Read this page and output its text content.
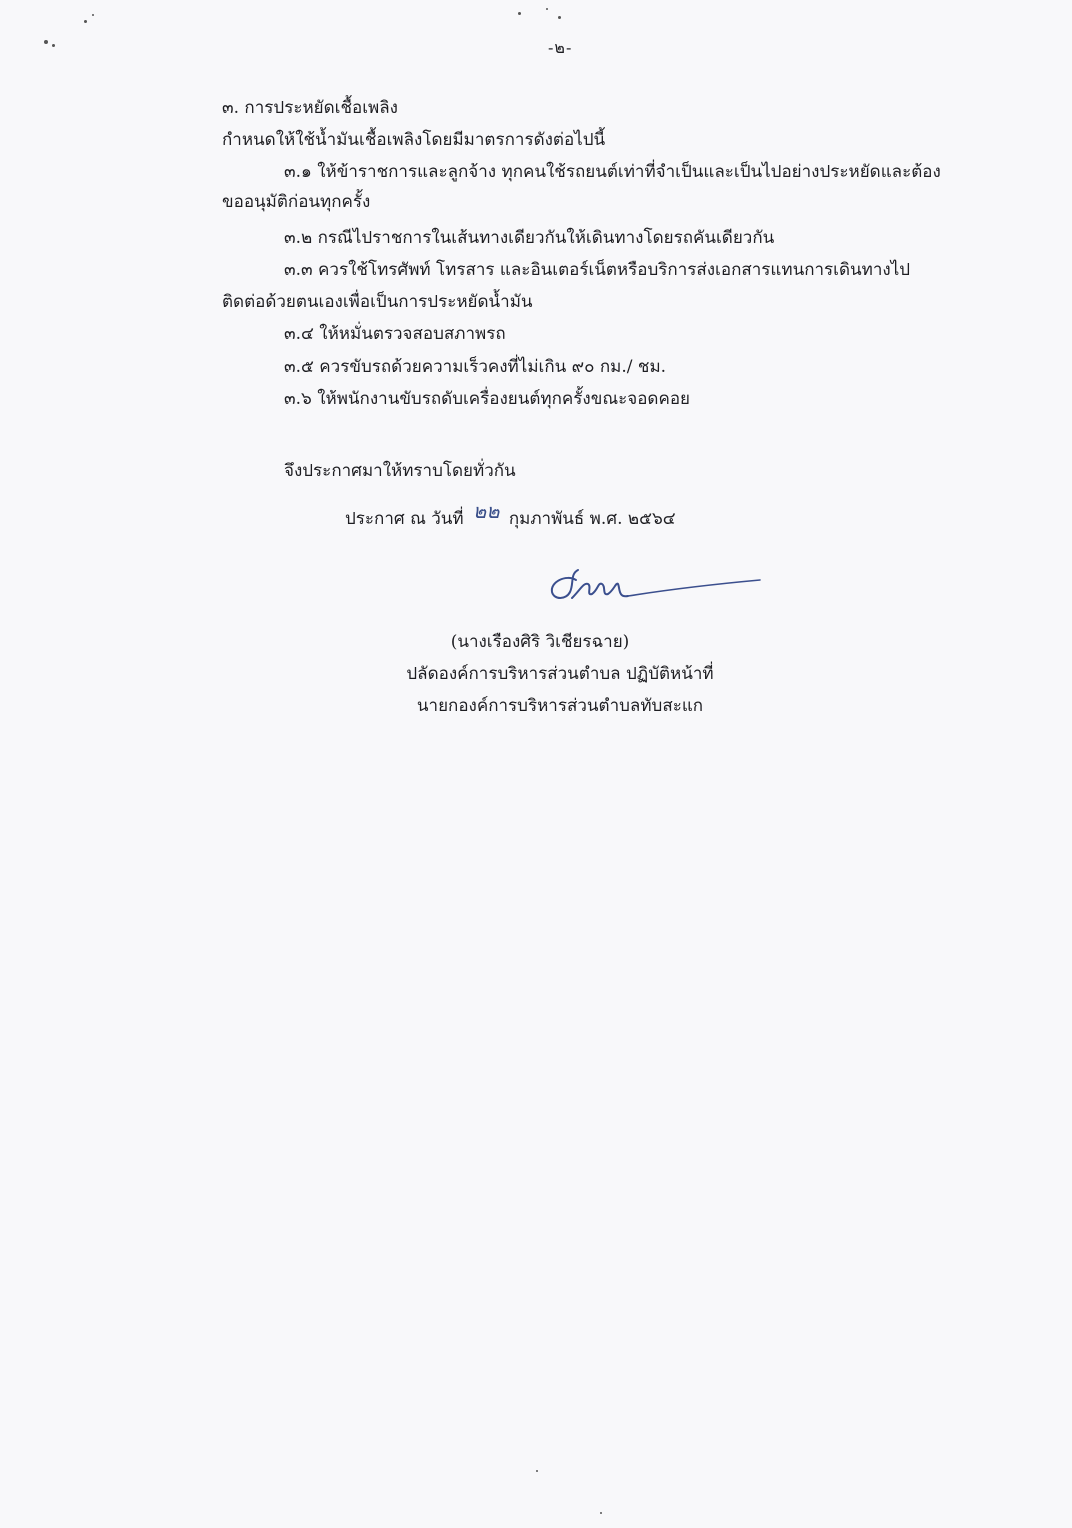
-๒-
๓. การประหยัดเชื้อเพลิง
กำหนดให้ใช้น้ำมันเชื้อเพลิงโดยมีมาตรการดังต่อไปนี้
๓.๑ ให้ข้าราชการและลูกจ้าง ทุกคนใช้รถยนต์เท่าที่จำเป็นและเป็นไปอย่างประหยัดและต้อง
ขออนุมัติก่อนทุกครั้ง
๓.๒ กรณีไปราชการในเส้นทางเดียวกันให้เดินทางโดยรถคันเดียวกัน
๓.๓ ควรใช้โทรศัพท์ โทรสาร และอินเตอร์เน็ตหรือบริการส่งเอกสารแทนการเดินทางไป
ติดต่อด้วยตนเองเพื่อเป็นการประหยัดน้ำมัน
๓.๔ ให้หมั่นตรวจสอบสภาพรถ
๓.๕ ควรขับรถด้วยความเร็วคงที่ไม่เกิน ๙๐ กม./ ชม.
๓.๖ ให้พนักงานขับรถดับเครื่องยนต์ทุกครั้งขณะจอดคอย
จึงประกาศมาให้ทราบโดยทั่วกัน
ประกาศ ณ วันที่ ๒๒ กุมภาพันธ์ พ.ศ. ๒๕๖๔
(นางเรืองศิริ วิเชียรฉาย)
ปลัดองค์การบริหารส่วนตำบล ปฏิบัติหน้าที่
นายกองค์การบริหารส่วนตำบลทับสะแก
